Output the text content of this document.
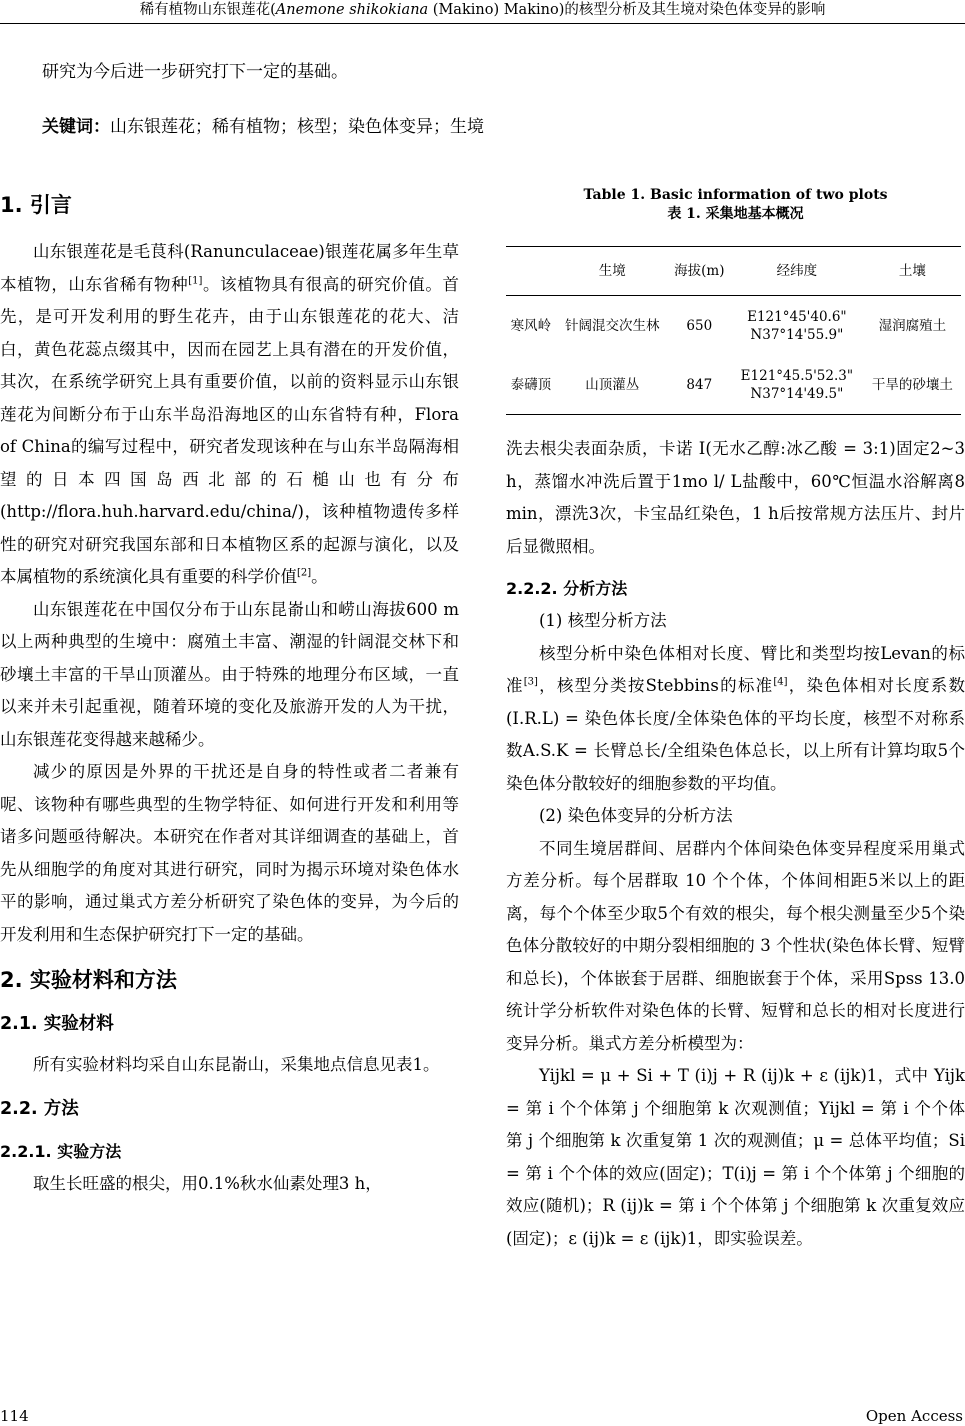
稀有植物山东银莲花(Anemone shikokiana (Makino) Makino)的核型分析及其生境对染色体变异的影响
研究为今后进一步研究打下一定的基础。
关键词：山东银莲花；稀有植物；核型；染色体变异；生境
1. 引言

山东银莲花是毛茛科(Ranunculaceae)银莲花属多年生草本植物，山东省稀有物种[1]。该植物具有很高的研究价值。首先，是可开发利用的野生花卉，由于山东银莲花的花大、洁白，黄色花蕊点缀其中，因而在园艺上具有潜在的开发价值，其次，在系统学研究上具有重要价值，以前的资料显示山东银莲花为间断分布于山东半岛沿海地区的山东省特有种，Flora of China的编写过程中，研究者发现该种在与山东半岛隔海相望的日本四国岛西北部的石槌山也有分布(http://flora.huh.harvard.edu/china/)，该种植物遗传多样性的研究对研究我国东部和日本植物区系的起源与演化，以及本属植物的系统演化具有重要的科学价值[2]。

山东银莲花在中国仅分布于山东昆嵛山和崂山海拔600 m以上两种典型的生境中：腐殖土丰富、潮湿的针阔混交林下和砂壤土丰富的干旱山顶灌丛。由于特殊的地理分布区域，一直以来并未引起重视，随着环境的变化及旅游开发的人为干扰，山东银莲花变得越来越稀少。

减少的原因是外界的干扰还是自身的特性或者二者兼有呢、该物种有哪些典型的生物学特征、如何进行开发和利用等诸多问题亟待解决。本研究在作者对其详细调查的基础上，首先从细胞学的角度对其进行研究，同时为揭示环境对染色体水平的影响，通过巢式方差分析研究了染色体的变异，为今后的开发利用和生态保护研究打下一定的基础。

2. 实验材料和方法
2.1. 实验材料

所有实验材料均采自山东昆嵛山，采集地点信息见表1。

2.2. 方法
2.2.1. 实验方法

取生长旺盛的根尖，用0.1%秋水仙素处理3 h，

Table 1. Basic information of two plots
表 1. 采集地基本概况
	生境	海拔(m)	经纬度	土壤
寒风岭	针阔混交次生林	650	E121°45'40.6"
N37°14'55.9"	湿润腐殖土
泰礴顶	山顶灌丛	847	E121°45.5'52.3"
N37°14'49.5"	干旱的砂壤土

洗去根尖表面杂质，卡诺 I(无水乙醇:冰乙酸 = 3:1)固定2~3 h，蒸馏水冲洗后置于1mo l/ L盐酸中，60℃恒温水浴解离8 min，漂洗3次，卡宝品红染色，1 h后按常规方法压片、封片后显微照相。

2.2.2. 分析方法

(1) 核型分析方法

核型分析中染色体相对长度、臂比和类型均按Levan的标准[3]，核型分类按Stebbins的标准[4]，染色体相对长度系数(I.R.L) = 染色体长度/全体染色体的平均长度，核型不对称系数A.S.K = 长臂总长/全组染色体总长，以上所有计算均取5个染色体分散较好的细胞参数的平均值。

(2) 染色体变异的分析方法

不同生境居群间、居群内个体间染色体变异程度采用巢式方差分析。每个居群取 10 个个体，个体间相距5米以上的距离，每个个体至少取5个有效的根尖，每个根尖测量至少5个染色体分散较好的中期分裂相细胞的 3 个性状(染色体长臂、短臂和总长)，个体嵌套于居群、细胞嵌套于个体，采用Spss 13.0统计学分析软件对染色体的长臂、短臂和总长的相对长度进行变异分析。巢式方差分析模型为：

Yijkl = μ + Si + T (i)j + R (ij)k + ε (ijk)1，式中 Yijk = 第 i 个个体第 j 个细胞第 k 次观测值；Yijkl = 第 i 个个体第 j 个细胞第 k 次重复第 1 次的观测值；μ = 总体平均值；Si = 第 i 个个体的效应(固定)；T(i)j = 第 i 个个体第 j 个细胞的效应(随机)；R (ij)k = 第 i 个个体第 j 个细胞第 k 次重复效应(固定)；ε (ij)k = ε (ijk)1，即实验误差。

114	Open Access
